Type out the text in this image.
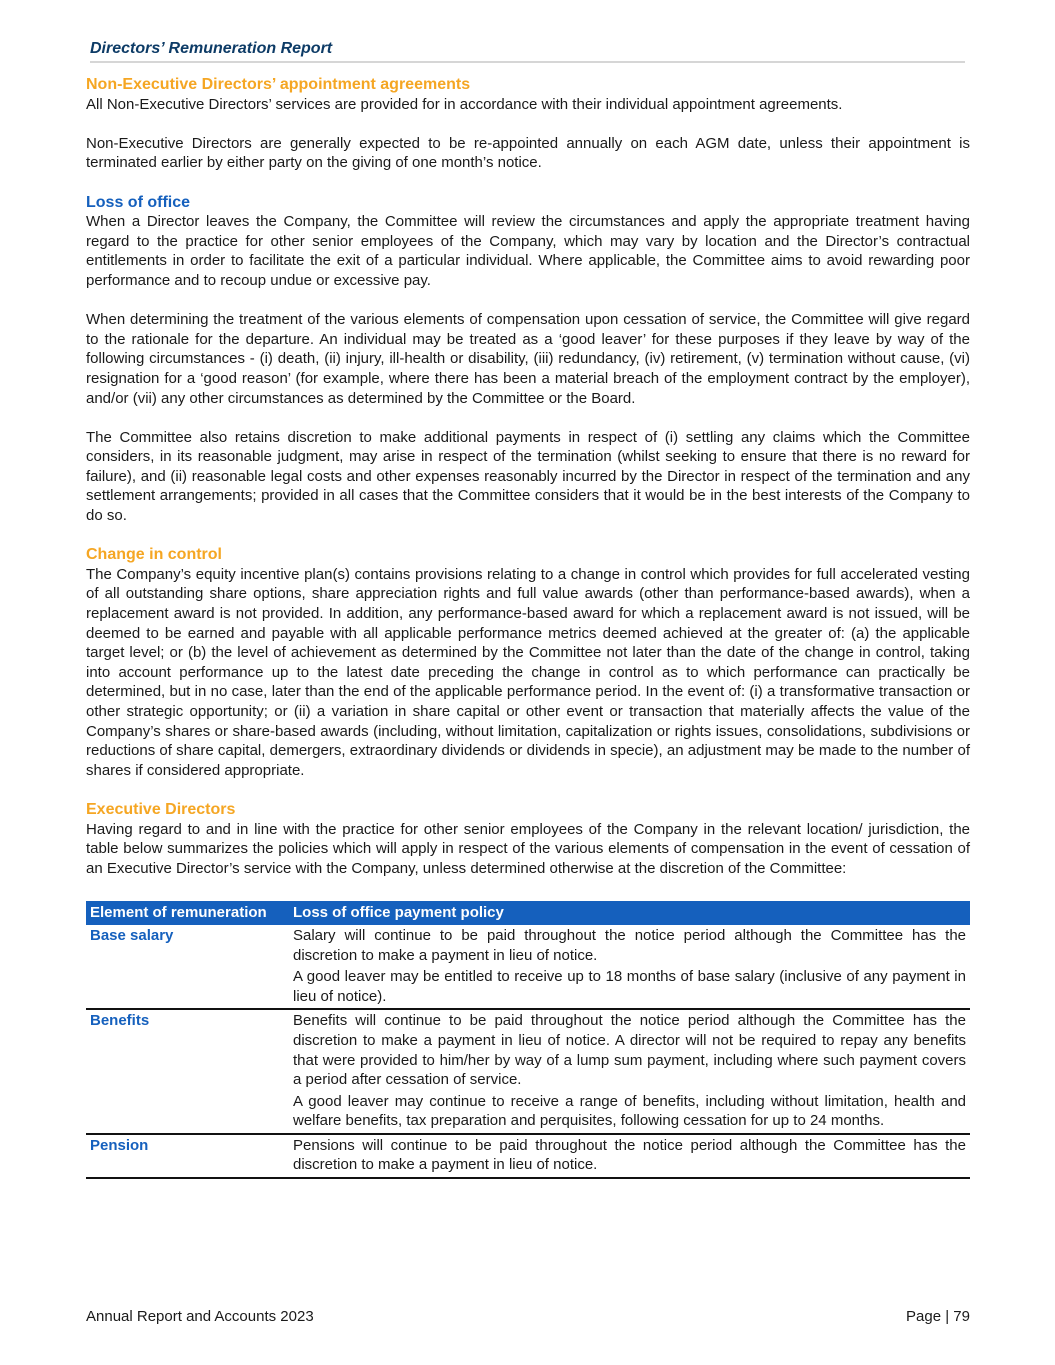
Directors’ Remuneration Report
Non-Executive Directors’ appointment agreements

All Non-Executive Directors’ services are provided for in accordance with their individual appointment agreements.

Non-Executive Directors are generally expected to be re-appointed annually on each AGM date, unless their appointment is terminated earlier by either party on the giving of one month’s notice.

Loss of office

When a Director leaves the Company, the Committee will review the circumstances and apply the appropriate treatment having regard to the practice for other senior employees of the Company, which may vary by location and the Director’s contractual entitlements in order to facilitate the exit of a particular individual. Where applicable, the Committee aims to avoid rewarding poor performance and to recoup undue or excessive pay.

When determining the treatment of the various elements of compensation upon cessation of service, the Committee will give regard to the rationale for the departure. An individual may be treated as a ‘good leaver’ for these purposes if they leave by way of the following circumstances - (i) death, (ii) injury, ill-health or disability, (iii) redundancy, (iv) retirement, (v) termination without cause, (vi) resignation for a ‘good reason’ (for example, where there has been a material breach of the employment contract by the employer), and/or (vii) any other circumstances as determined by the Committee or the Board.

The Committee also retains discretion to make additional payments in respect of (i) settling any claims which the Committee considers, in its reasonable judgment, may arise in respect of the termination (whilst seeking to ensure that there is no reward for failure), and (ii) reasonable legal costs and other expenses reasonably incurred by the Director in respect of the termination and any settlement arrangements; provided in all cases that the Committee considers that it would be in the best interests of the Company to do so.

Change in control

The Company’s equity incentive plan(s) contains provisions relating to a change in control which provides for full accelerated vesting of all outstanding share options, share appreciation rights and full value awards (other than performance-based awards), when a replacement award is not provided. In addition, any performance-based award for which a replacement award is not issued, will be deemed to be earned and payable with all applicable performance metrics deemed achieved at the greater of: (a) the applicable target level; or (b) the level of achievement as determined by the Committee not later than the date of the change in control, taking into account performance up to the latest date preceding the change in control as to which performance can practically be determined, but in no case, later than the end of the applicable performance period. In the event of: (i) a transformative transaction or other strategic opportunity; or (ii) a variation in share capital or other event or transaction that materially affects the value of the Company’s shares or share-based awards (including, without limitation, capitalization or rights issues, consolidations, subdivisions or reductions of share capital, demergers, extraordinary dividends or dividends in specie), an adjustment may be made to the number of shares if considered appropriate.

Executive Directors

Having regard to and in line with the practice for other senior employees of the Company in the relevant location/ jurisdiction, the table below summarizes the policies which will apply in respect of the various elements of compensation in the event of cessation of an Executive Director’s service with the Company, unless determined otherwise at the discretion of the Committee:

Element of remuneration	Loss of office payment policy
Base salary	Salary will continue to be paid throughout the notice period although the Committee has the discretion to make a payment in lieu of notice.

A good leaver may be entitled to receive up to 18 months of base salary (inclusive of any payment in lieu of notice).

Benefits	Benefits will continue to be paid throughout the notice period although the Committee has the discretion to make a payment in lieu of notice. A director will not be required to repay any benefits that were provided to him/her by way of a lump sum payment, including where such payment covers a period after cessation of service.

A good leaver may continue to receive a range of benefits, including without limitation, health and welfare benefits, tax preparation and perquisites, following cessation for up to 24 months.

Pension	Pensions will continue to be paid throughout the notice period although the Committee has the discretion to make a payment in lieu of notice.

Annual Report and Accounts 2023	Page | 79
